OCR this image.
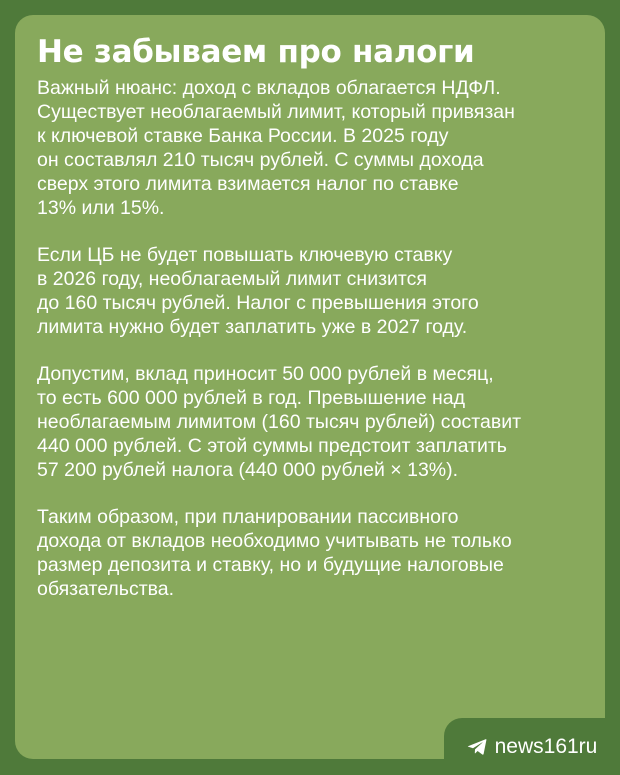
Не забываем про налоги

Важный нюанс: доход с вкладов облагается НДФЛ.
Существует необлагаемый лимит, который привязан
к ключевой ставке Банка России. В 2025 году
он составлял 210 тысяч рублей. С суммы дохода
сверх этого лимита взимается налог по ставке
13% или 15%.

Если ЦБ не будет повышать ключевую ставку
в 2026 году, необлагаемый лимит снизится
до 160 тысяч рублей. Налог с превышения этого
лимита нужно будет заплатить уже в 2027 году.

Допустим, вклад приносит 50 000 рублей в месяц,
то есть 600 000 рублей в год. Превышение над
необлагаемым лимитом (160 тысяч рублей) составит
440 000 рублей. С этой суммы предстоит заплатить
57 200 рублей налога (440 000 рублей × 13%).

Таким образом, при планировании пассивного
дохода от вкладов необходимо учитывать не только
размер депозита и ставку, но и будущие налоговые
обязательства.

news161ru
